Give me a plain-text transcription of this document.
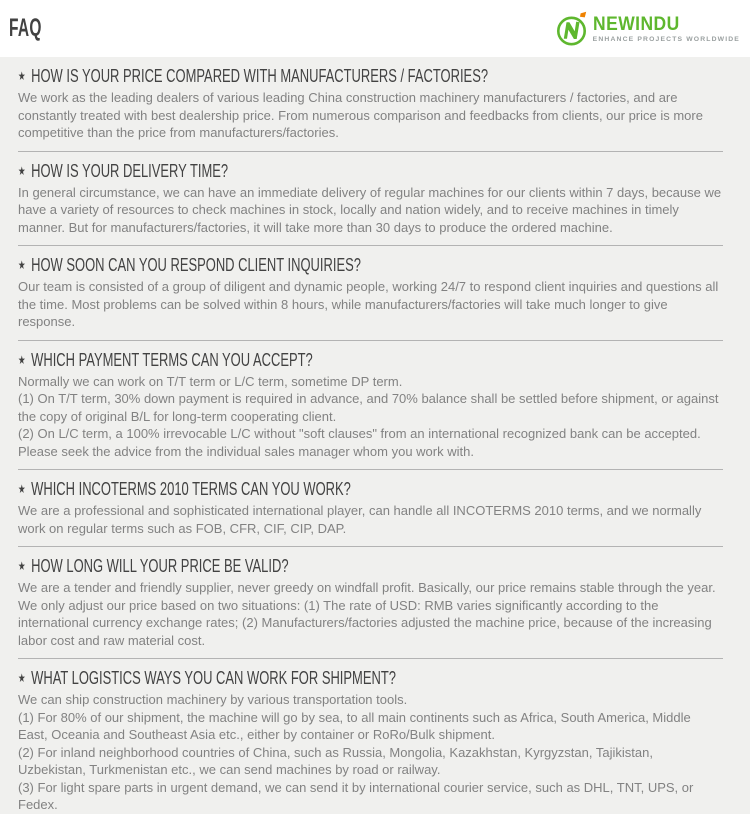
FAQ	NEWINDU
ENHANCE PROJECTS WORLDWIDE
★ HOW IS YOUR PRICE COMPARED WITH MANUFACTURERS / FACTORIES?

We work as the leading dealers of various leading China construction machinery manufacturers / factories, and are constantly treated with best dealership price. From numerous comparison and feedbacks from clients, our price is more competitive than the price from manufacturers/factories.

★ HOW IS YOUR DELIVERY TIME?

In general circumstance, we can have an immediate delivery of regular machines for our clients within 7 days, because we have a variety of resources to check machines in stock, locally and nation widely, and to receive machines in timely manner. But for manufacturers/factories, it will take more than 30 days to produce the ordered machine.

★ HOW SOON CAN YOU RESPOND CLIENT INQUIRIES?

Our team is consisted of a group of diligent and dynamic people, working 24/7 to respond client inquiries and questions all the time. Most problems can be solved within 8 hours, while manufacturers/factories will take much longer to give response.

★ WHICH PAYMENT TERMS CAN YOU ACCEPT?

Normally we can work on T/T term or L/C term, sometime DP term.

(1) On T/T term, 30% down payment is required in advance, and 70% balance shall be settled before shipment, or against the copy of original B/L for long-term cooperating client.

(2) On L/C term, a 100% irrevocable L/C without "soft clauses" from an international recognized bank can be accepted. Please seek the advice from the individual sales manager whom you work with.

★ WHICH INCOTERMS 2010 TERMS CAN YOU WORK?

We are a professional and sophisticated international player, can handle all INCOTERMS 2010 terms, and we normally work on regular terms such as FOB, CFR, CIF, CIP, DAP.

★ HOW LONG WILL YOUR PRICE BE VALID?

We are a tender and friendly supplier, never greedy on windfall profit. Basically, our price remains stable through the year. We only adjust our price based on two situations: (1) The rate of USD: RMB varies significantly according to the international currency exchange rates; (2) Manufacturers/factories adjusted the machine price, because of the increasing labor cost and raw material cost.

★ WHAT LOGISTICS WAYS YOU CAN WORK FOR SHIPMENT?

We can ship construction machinery by various transportation tools.

(1) For 80% of our shipment, the machine will go by sea, to all main continents such as Africa, South America, Middle East, Oceania and Southeast Asia etc., either by container or RoRo/Bulk shipment.

(2) For inland neighborhood countries of China, such as Russia, Mongolia, Kazakhstan, Kyrgyzstan, Tajikistan, Uzbekistan, Turkmenistan etc., we can send machines by road or railway.

(3) For light spare parts in urgent demand, we can send it by international courier service, such as DHL, TNT, UPS, or Fedex.
